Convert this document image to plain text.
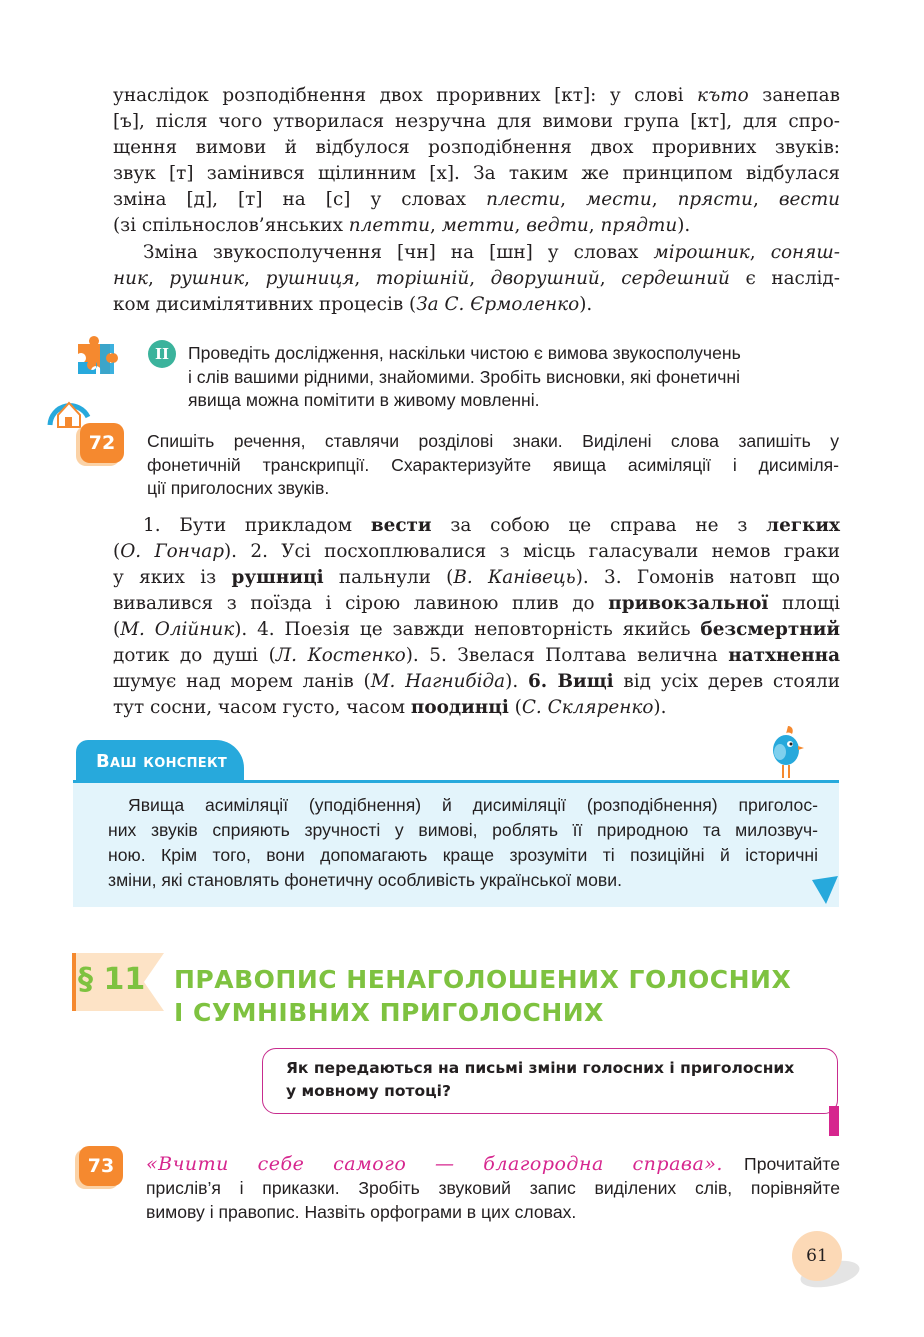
унаслідок розподібнення двох проривних [кт]: у слові къто занепав
[ъ], після чого утворилася незручна для вимови група [кт], для спро-
щення вимови й відбулося розподібнення двох проривних звуків:
звук [т] замінився щілинним [х]. За таким же принципом відбулася
зміна [д], [т] на [с] у словах плести, мести, прясти, вести
(зі спільнослов’янських плетти, метти, ведти, прядти).
Зміна звукосполучення [чн] на [шн] у словах мірошник, соняш-
ник, рушник, рушниця, торішній, дворушний, сердешний є наслід-
ком дисимілятивних процесів (За С. Єрмоленко).
II	Проведіть дослідження, наскільки чистою є вимова звукосполучень
і слів вашими рідними, знайомими. Зробіть висновки, які фонетичні
явища можна помітити в живому мовленні.
72	Спишіть речення, ставлячи розділові знаки. Виділені слова запишіть у
фонетичній транскрипції. Схарактеризуйте явища асиміляції і дисиміля-
ції приголосних звуків.
1. Бути прикладом вести за собою це справа не з легких
(О. Гончар). 2. Усі посхоплювалися з місць галасували немов граки
у яких із рушниці пальнули (В. Канівець). 3. Гомонів натовп що
вивалився з поїзда і сірою лавиною плив до привокзальної площі
(М. Олійник). 4. Поезія це завжди неповторність якийсь безсмертний
дотик до душі (Л. Костенко). 5. Звелася Полтава велична натхненна
шумує над морем ланів (М. Нагнибіда). 6. Вищі від усіх дерев стояли
тут сосни, часом густо, часом поодинці (С. Скляренко).
Ваш конспект
Явища асиміляції (уподібнення) й дисиміляції (розподібнення) приголос-
них звуків сприяють зручності у вимові, роблять її природною та милозвуч-
ною. Крім того, вони допомагають краще зрозуміти ті позиційні й історичні
зміни, які становлять фонетичну особливість української мови.
§ 11 ПРАВОПИС НЕНАГОЛОШЕНИХ ГОЛОСНИХ
І СУМНІВНИХ ПРИГОЛОСНИХ
Як передаються на письмі зміни голосних і приголосних
у мовному потоці?
73	«Вчити себе самого — благородна справа». Прочитайте
прислів’я і приказки. Зробіть звуковий запис виділених слів, порівняйте
вимову і правопис. Назвіть орфограми в цих словах.
61
